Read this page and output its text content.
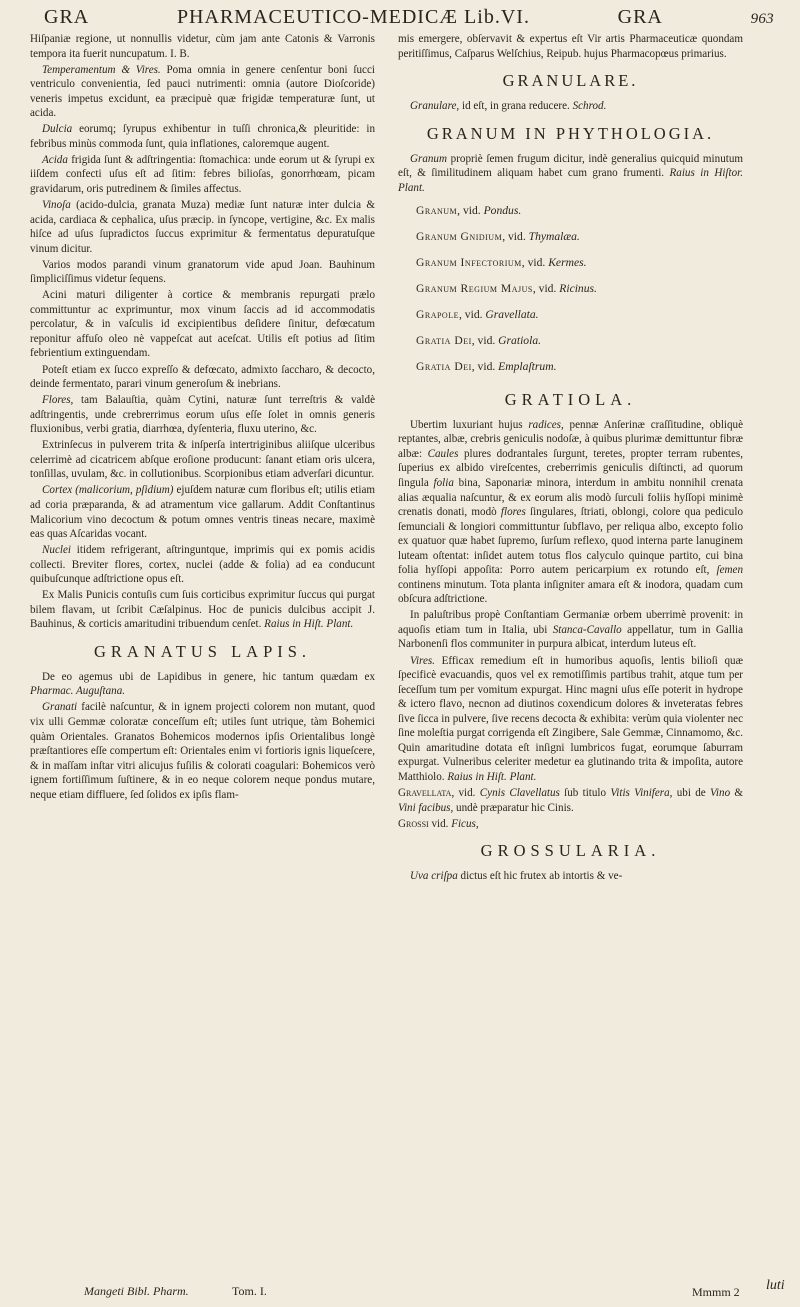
GRA	PHARMACEUTICO-MEDICÆ Lib.VI.	GRA	963

Hiſpaniæ regione, ut nonnullis videtur, cùm jam ante Catonis & Varronis tempora ita fuerit nuncupatum. I. B.

Temperamentum & Vires. Poma omnia in genere cenſentur boni ſucci ventriculo convenientia, ſed pauci nutrimenti: omnia (autore Dioſcoride) veneris impetus excidunt, ea præcipuè quæ frigidæ temperaturæ ſunt, ut acida.

Dulcia eorumq; ſyrupus exhibentur in tuſſi chronica,& pleuritide: in febribus minùs commoda ſunt, quia inflationes, caloremque augent.

Acida frigida ſunt & adſtringentia: ſtomachica: unde eorum ut & ſyrupi ex iiſdem confecti uſus eſt ad ſitim: febres bilioſas, gonorrhœam, picam gravidarum, oris putredinem & ſimiles affectus.

Vinoſa (acido-dulcia, granata Muza) mediæ ſunt naturæ inter dulcia & acida, cardiaca & cephalica, uſus præcip. in ſyncope, vertigine, &c. Ex malis hiſce ad uſus ſupradictos ſuccus exprimitur & fermentatus depuratuſque vinum dicitur.

Varios modos parandi vinum granatorum vide apud Joan. Bauhinum ſimpliciſſimus videtur ſequens.

Acini maturi diligenter à cortice & membranis repurgati prælo committuntur ac exprimuntur, mox vinum ſaccis ad id accommodatis percolatur, & in vaſculis id excipientibus deſidere ſinitur, defœcatum reponitur affuſo oleo nè vappeſcat aut aceſcat. Utilis eſt potius ad ſitim febrientium extinguendam.

Poteſt etiam ex ſucco expreſſo & defœcato, admixto ſaccharo, & decocto, deinde fermentato, parari vinum generoſum & inebrians.

Flores, tam Balauſtia, quàm Cytini, naturæ ſunt terreſtris & valdè adſtringentis, unde crebrerrimus eorum uſus eſſe ſolet in omnis generis fluxionibus, verbi gratia, diarrhœa, dyſenteria, fluxu uterino, &c.

Extrinſecus in pulverem trita & inſperſa intertriginibus aliiſque ulceribus celerrimè ad cicatricem abſque eroſione producunt: ſanant etiam oris ulcera, tonſillas, uvulam, &c. in collutionibus. Scorpionibus etiam adverſari dicuntur.

Cortex (malicorium, pſidium) ejuſdem naturæ cum floribus eſt; utilis etiam ad coria præparanda, & ad atramentum vice gallarum. Addit Conſtantinus Malicorium vino decoctum & potum omnes ventris tineas necare, maximè eas quas Aſcaridas vocant.

Nuclei itidem refrigerant, aſtringuntque, imprimis qui ex pomis acidis collecti. Breviter flores, cortex, nuclei (adde & folia) ad ea conducunt quibuſcunque adſtrictione opus eſt.

Ex Malis Punicis contuſis cum ſuis corticibus exprimitur ſuccus qui purgat bilem flavam, ut ſcribit Cæſalpinus. Hoc de punicis dulcibus accipit J. Bauhinus, & corticis amaritudini tribuendum cenſet. Raius in Hiſt. Plant.

GRANATUS LAPIS.

De eo agemus ubi de Lapidibus in genere, hic tantum quædam ex Pharmac. Auguſtana.

Granati facilè naſcuntur, & in ignem projecti colorem non mutant, quod vix ulli Gemmæ coloratæ conceſſum eſt; utiles ſunt utrique, tàm Bohemici quàm Orientales. Granatos Bohemicos modernos ipſis Orientalibus longè præſtantiores eſſe compertum eſt: Orientales enim vi fortioris ignis liqueſcere, & in maſſam inſtar vitri alicujus fuſilis & colorati coagulari: Bohemicos verò ignem fortiſſimum ſuſtinere, & in eo neque colorem neque pondus mutare, neque etiam diffluere, ſed ſolidos ex ipſis flam-

mis emergere, obſervavit & expertus eſt Vir artis Pharmaceuticæ quondam peritiſſimus, Caſparus Welſchius, Reipub. hujus Pharmacopœus primarius.

GRANULARE.

Granulare, id eſt, in grana reducere. Schrod.

GRANUM IN PHYTHOLOGIA.

Granum propriè ſemen frugum dicitur, indè generalius quicquid minutum eſt, & ſimilitudinem aliquam habet cum grano frumenti. Raius in Hiſtor. Plant.

Granum, vid. Pondus.

Granum Gnidium, vid. Thymalæa.

Granum Infectorium, vid. Kermes.

Granum Regium Majus, vid. Ricinus.

Grapole, vid. Gravellata.

Gratia Dei, vid. Gratiola.

Gratia Dei, vid. Emplaſtrum.

GRATIOLA.

Ubertim luxuriant hujus radices, pennæ Anſerinæ craſſitudine, obliquè reptantes, albæ, crebris geniculis nodoſæ, à quibus plurimæ demittuntur fibræ albæ: Caules plures dodrantales ſurgunt, teretes, propter terram rubentes, ſuperius ex albido vireſcentes, creberrimis geniculis diſtincti, ad quorum ſingula folia bina, Saponariæ minora, interdum in ambitu nonnihil crenata alias æqualia naſcuntur, & ex eorum alis modò ſurculi foliis hyſſopi minimè crenatis donati, modò flores ſingulares, ſtriati, oblongi, colore qua pediculo ſemunciali & longiori committuntur ſubflavo, per reliqua albo, excepto folio ex quatuor quæ habet ſupremo, ſurſum reflexo, quod interna parte lanuginem luteam oſtentat: inſidet autem totus flos calyculo quinque partito, cui bina folia hyſſopi appoſita: Porro autem pericarpium ex rotundo eſt, ſemen continens minutum. Tota planta inſigniter amara eſt & inodora, quadam cum obſcura adſtrictione.

In paluſtribus propè Conſtantiam Germaniæ orbem uberrimè provenit: in aquoſis etiam tum in Italia, ubi Stanca-Cavallo appellatur, tum in Gallia Narbonenſi flos communiter in purpura albicat, interdum luteus eſt.

Vires. Efficax remedium eſt in humoribus aquoſis, lentis bilioſi quæ ſpecificè evacuandis, quos vel ex remotiſſimis partibus trahit, atque tum per ſeceſſum tum per vomitum expurgat. Hinc magni uſus eſſe poterit in hydrope & ictero flavo, necnon ad diutinos coxendicum dolores & inveteratas febres ſive ſicca in pulvere, ſive recens decocta & exhibita: verùm quia violenter nec ſine moleſtia purgat corrigenda eſt Zingibere, Sale Gemmæ, Cinnamomo, &c. Quin amaritudine dotata eſt inſigni lumbricos fugat, eorumque ſaburram expurgat. Vulneribus celeriter medetur ea glutinando trita & impoſita, autore Matthiolo. Raius in Hiſt. Plant.

Gravellata, vid. Cynis Clavellatus ſub titulo Vitis Vinifera, ubi de Vino & Vini facibus, undè præparatur hic Cinis.

Grossi vid. Ficus,

GROSSULARIA.

Uva criſpa dictus eſt hic frutex ab intortis & ve-

Mangeti Bibl. Pharm.	Tom. I.	Mmmm 2 luti
